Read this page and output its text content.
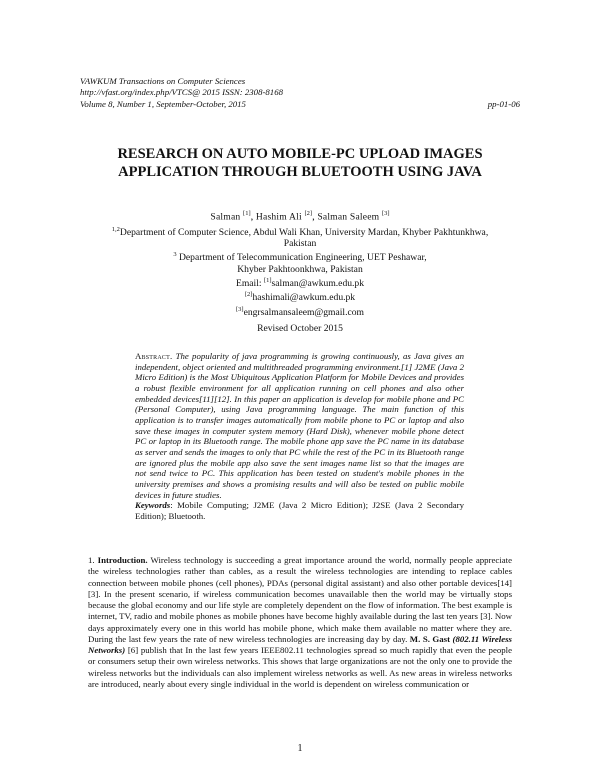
VAWKUM Transactions on Computer Sciences
http://vfast.org/index.php/VTCS@ 2015 ISSN: 2308-8168
Volume 8, Number 1, September-October, 2015	pp-01-06
RESEARCH ON AUTO MOBILE-PC UPLOAD IMAGES APPLICATION THROUGH BLUETOOTH USING JAVA
Salman [1], Hashim Ali [2], Salman Saleem [3]
$^{1,2}$Department of Computer Science, Abdul Wali Khan, University Mardan, Khyber Pakhtunkhwa, Pakistan
$^3$ Department of Telecommunication Engineering, UET Peshawar,
Khyber Pakhtoonkhwa, Pakistan
Email: [1]salman@awkum.edu.pk
[2]hashimali@awkum.edu.pk
[3]engrsalmansaleem@gmail.com
Revised October 2015
Abstract. The popularity of java programming is growing continuously, as Java gives an independent, object oriented and multithreaded programming environment.[1] J2ME (Java 2 Micro Edition) is the Most Ubiquitous Application Platform for Mobile Devices and provides a robust flexible environment for all application running on cell phones and also other embedded devices[11][12]. In this paper an application is develop for mobile phone and PC (Personal Computer), using Java programming language. The main function of this application is to transfer images automatically from mobile phone to PC or laptop and also save these images in computer system memory (Hard Disk), whenever mobile phone detect PC or laptop in its Bluetooth range. The mobile phone app save the PC name in its database as server and sends the images to only that PC while the rest of the PC in its Bluetooth range are ignored plus the mobile app also save the sent images name list so that the images are not send twice to PC. This application has been tested on student's mobile phones in the university premises and shows a promising results and will also be tested on public mobile devices in future studies.
Keywords: Mobile Computing; J2ME (Java 2 Micro Edition); J2SE (Java 2 Secondary Edition); Bluetooth.
1. Introduction. Wireless technology is succeeding a great importance around the world, normally people appreciate the wireless technologies rather than cables, as a result the wireless technologies are intending to replace cables connection between mobile phones (cell phones), PDAs (personal digital assistant) and also other portable devices[14][3]. In the present scenario, if wireless communication becomes unavailable then the world may be virtually stops because the global economy and our life style are completely dependent on the flow of information. The best example is internet, TV, radio and mobile phones as mobile phones have become highly available during the last ten years [3]. Now days approximately every one in this world has mobile phone, which make them available no matter where they are. During the last few years the rate of new wireless technologies are increasing day by day. M. S. Gast (802.11 Wireless Networks) [6] publish that In the last few years IEEE802.11 technologies spread so much rapidly that even the people or consumers setup their own wireless networks. This shows that large organizations are not the only one to provide the wireless networks but the individuals can also implement wireless networks as well. As new areas in wireless networks are introduced, nearly about every single individual in the world is dependent on wireless communication or
1
